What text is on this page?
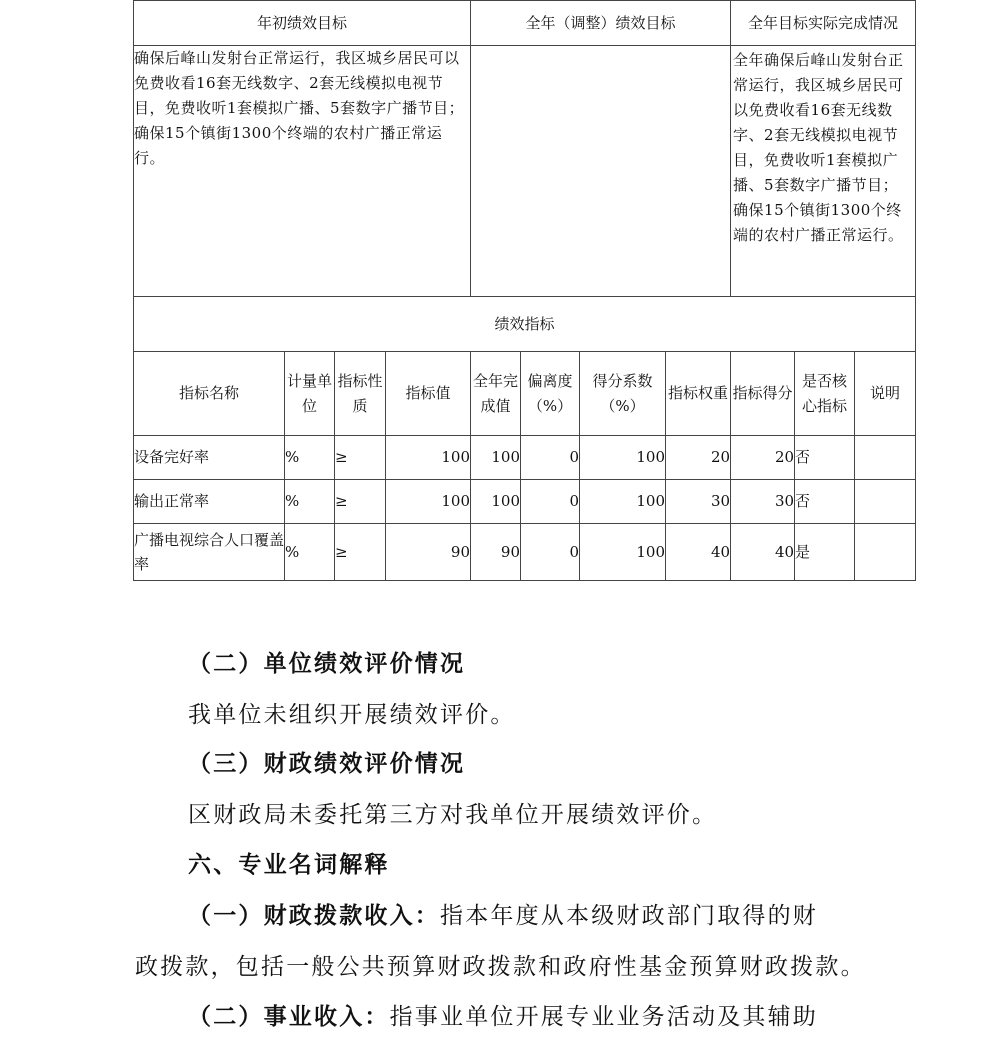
年初绩效目标				全年（调整）绩效目标				全年目标实际完成情况		
确保后峰山发射台正常运行，我区城乡居民可以免费收看16套无线数字、2套无线模拟电视节目，免费收听1套模拟广播、5套数字广播节目；确保15个镇街1300个终端的农村广播正常运行。								全年确保后峰山发射台正常运行，我区城乡居民可以免费收看16套无线数字、2套无线模拟电视节目，免费收听1套模拟广播、5套数字广播节目；确保15个镇街1300个终端的农村广播正常运行。		
绩效指标										
指标名称	计量单位	指标性质	指标值	全年完成值	偏离度（%）	得分系数（%）	指标权重	指标得分	是否核心指标	说明
设备完好率	%	≥	100	100	0	100	20	20	否	
输出正常率	%	≥	100	100	0	100	30	30	否	
广播电视综合人口覆盖率	%	≥	90	90	0	100	40	40	是	
（二）单位绩效评价情况
我单位未组织开展绩效评价。
（三）财政绩效评价情况
区财政局未委托第三方对我单位开展绩效评价。
六、专业名词解释
（一）财政拨款收入：指本年度从本级财政部门取得的财
政拨款，包括一般公共预算财政拨款和政府性基金预算财政拨款。
（二）事业收入：指事业单位开展专业业务活动及其辅助
